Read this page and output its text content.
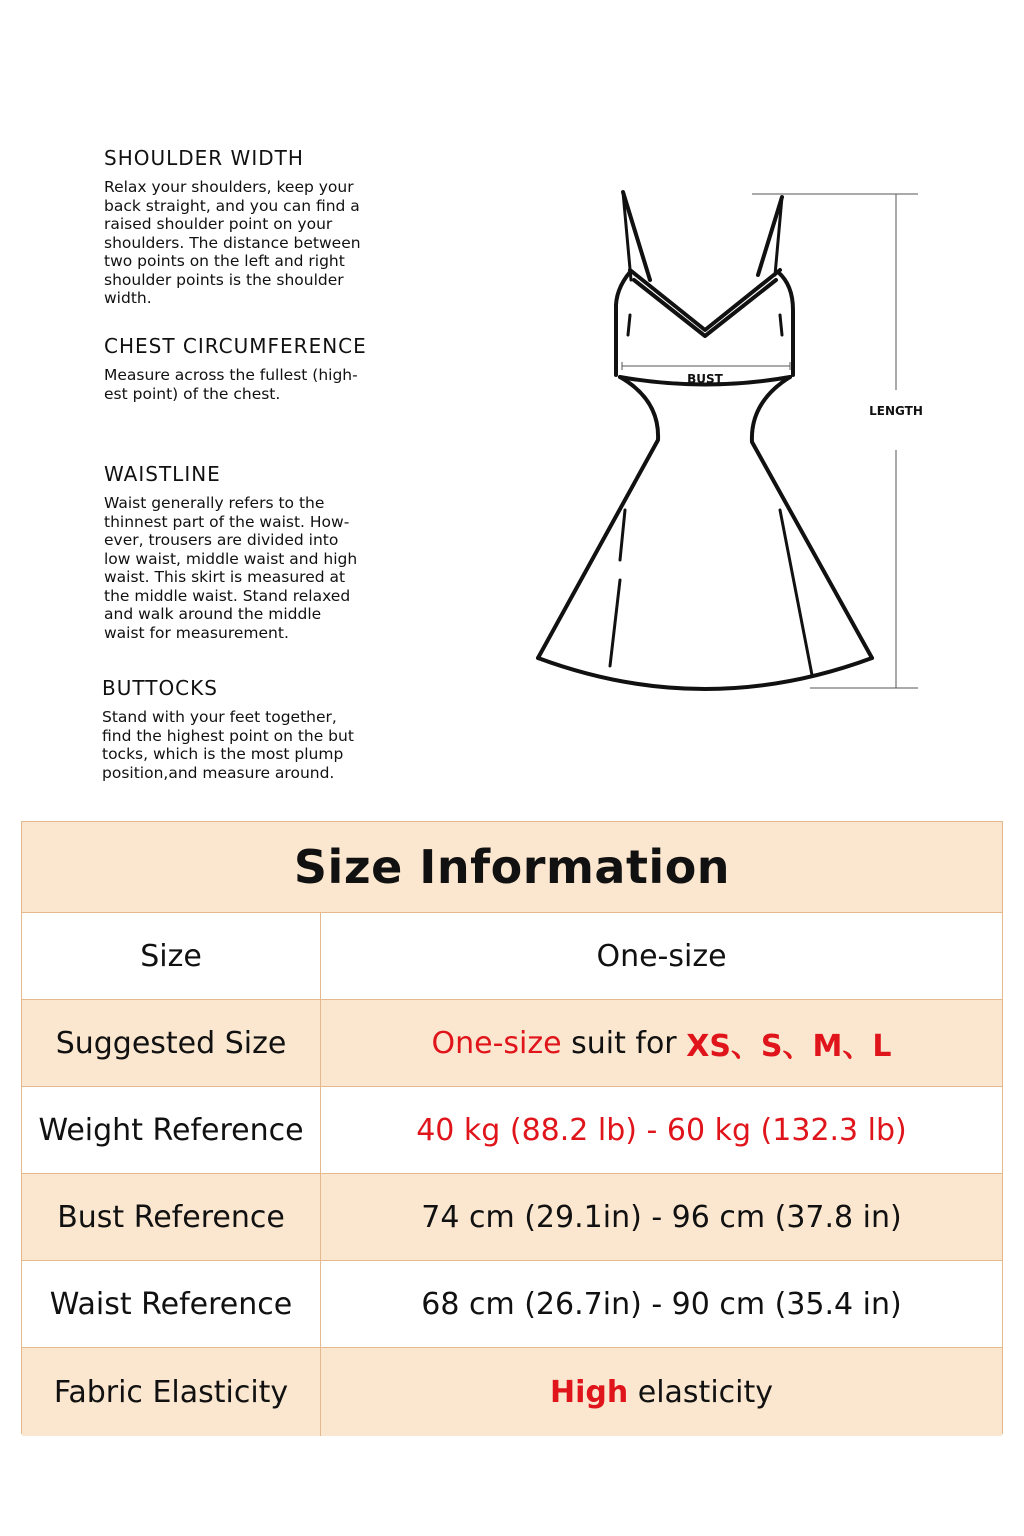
SHOULDER WIDTH

Relax your shoulders, keep your
back straight, and you can find a
raised shoulder point on your
shoulders. The distance between
two points on the left and right
shoulder points is the shoulder
width.

CHEST CIRCUMFERENCE

Measure across the fullest (high-
est point) of the chest.

WAISTLINE

Waist generally refers to the
thinnest part of the waist. How-
ever, trousers are divided into
low waist, middle waist and high
waist. This skirt is measured at
the middle waist. Stand relaxed
and walk around the middle
waist for measurement.

BUTTOCKS

Stand with your feet together,
find the highest point on the but
tocks, which is the most plump
position,and measure around.

BUST
LENGTH
Size Information
Size	One-size
Suggested Size	One-size suit for XS、S、M、L
Weight Reference	40 kg (88.2 lb) - 60 kg (132.3 lb)
Bust Reference	74 cm (29.1in) - 96 cm (37.8 in)
Waist Reference	68 cm (26.7in) - 90 cm (35.4 in)
Fabric Elasticity	High elasticity
